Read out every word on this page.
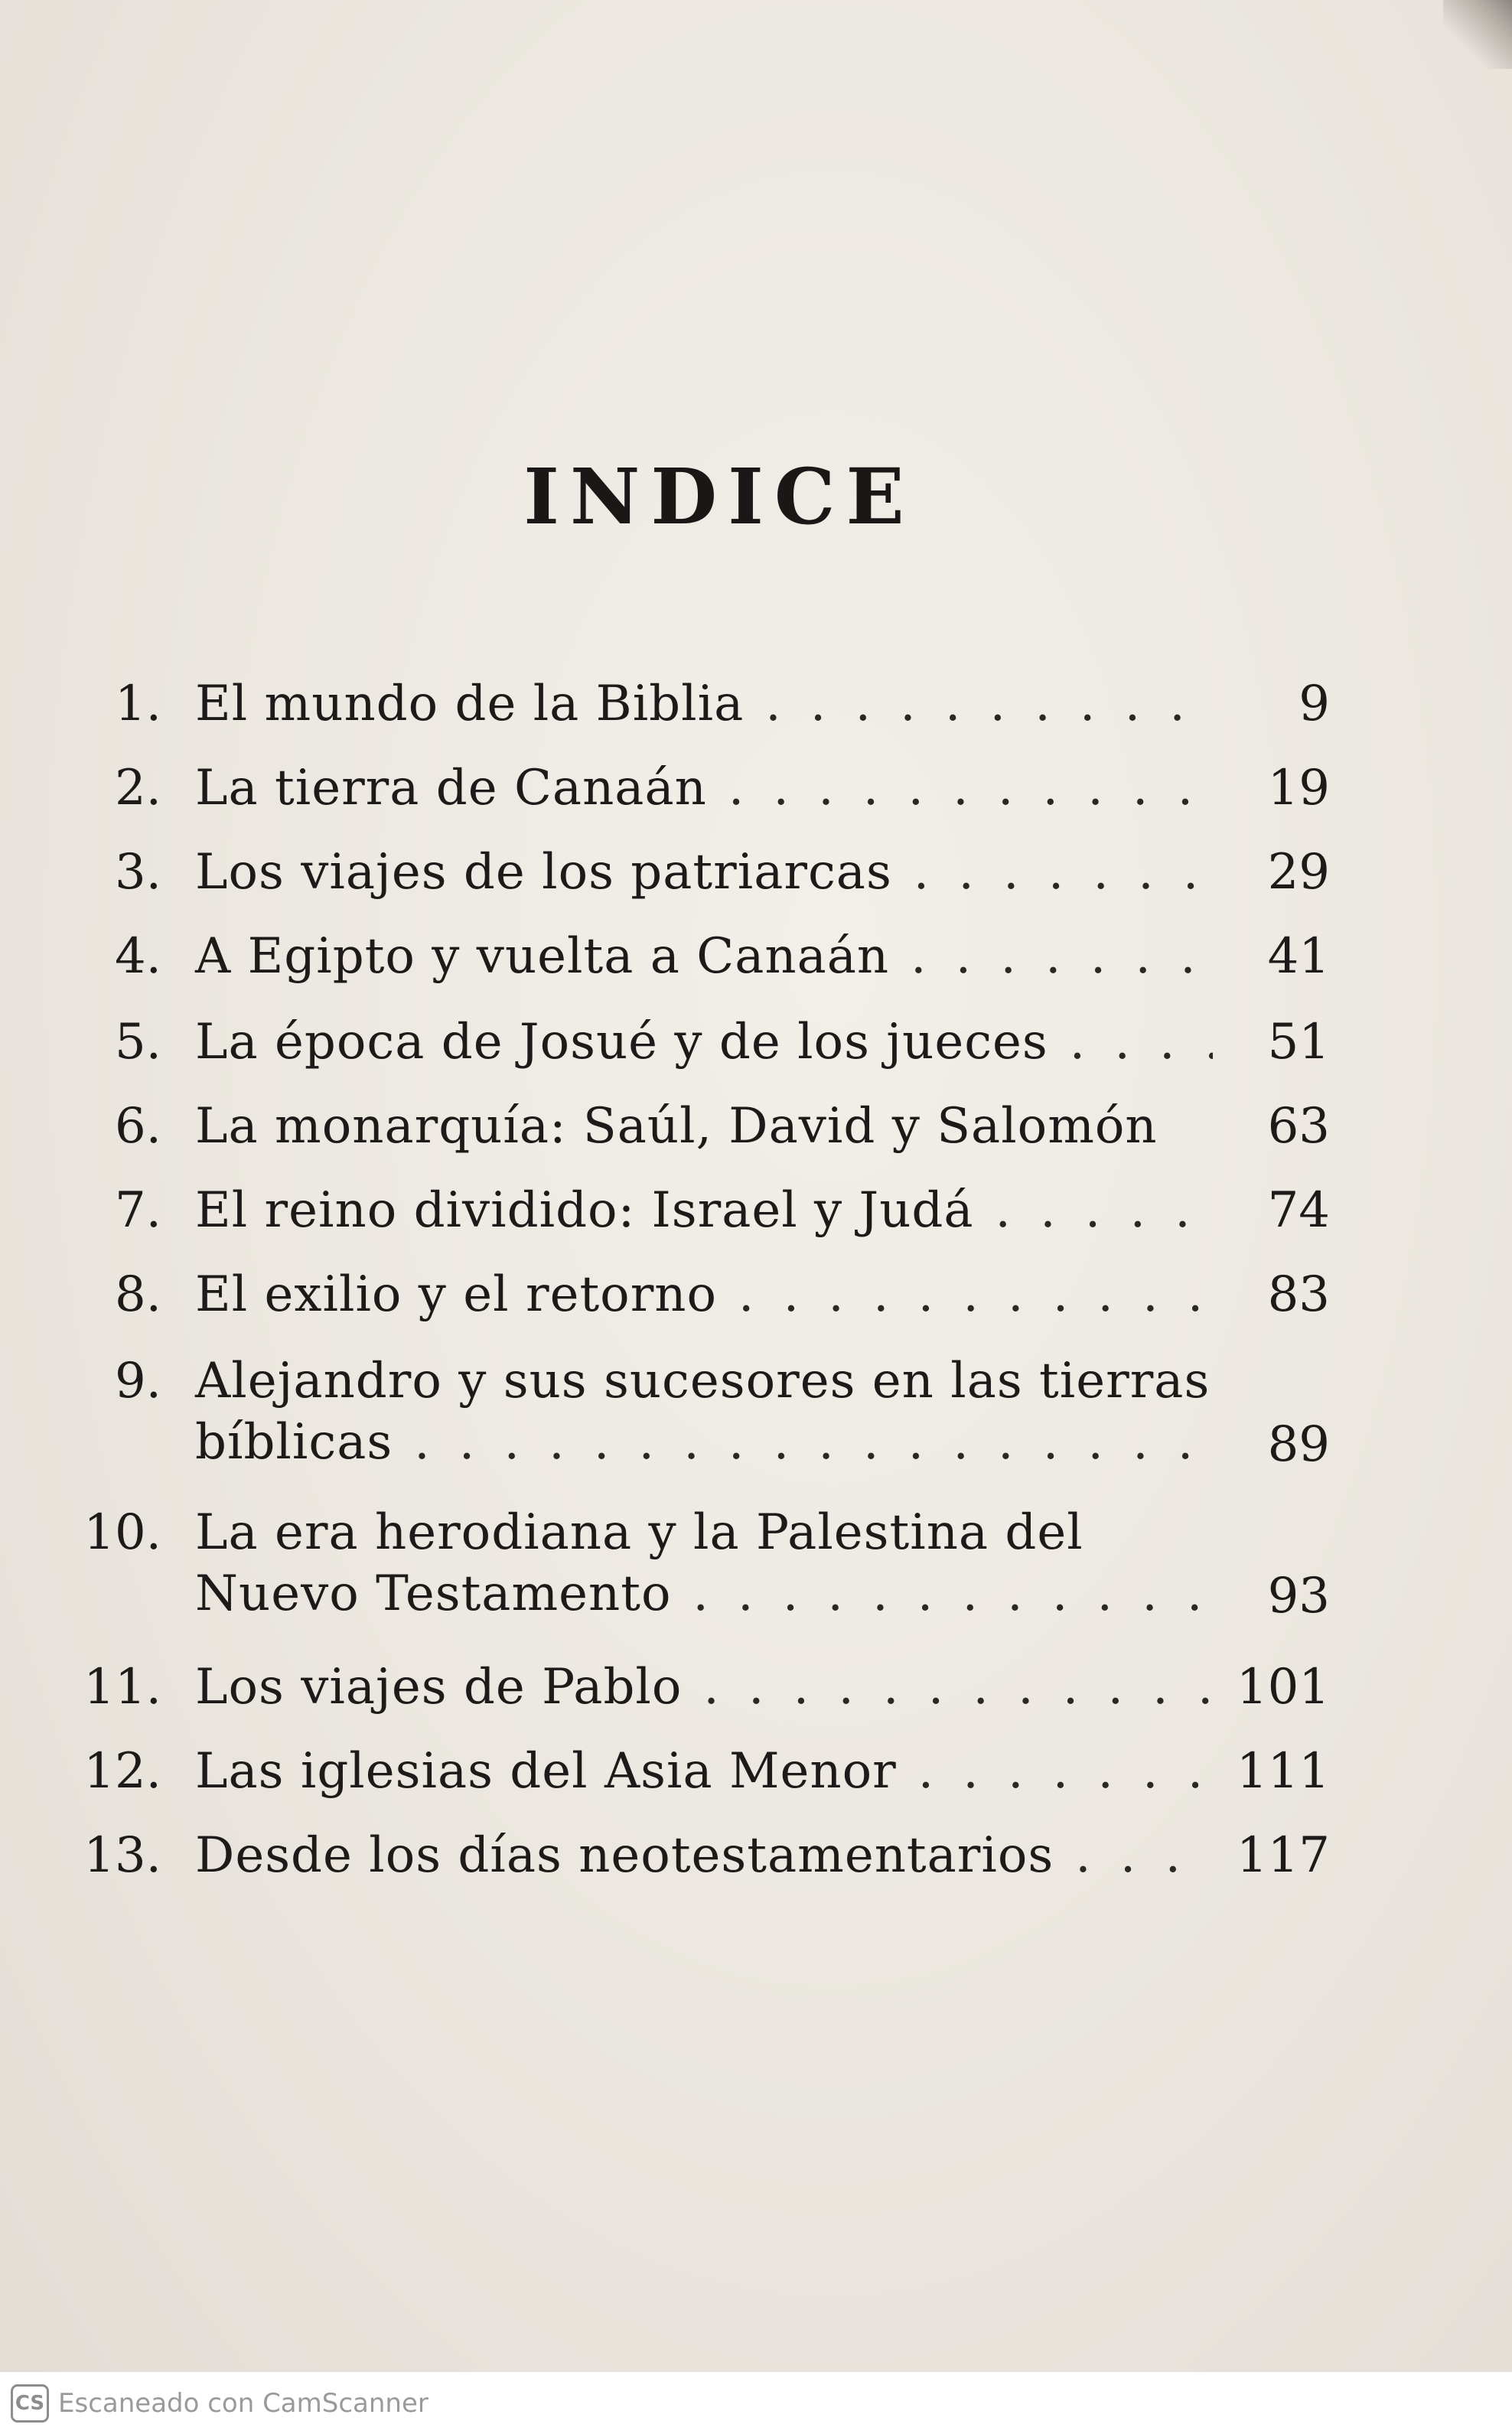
INDICE
1. El mundo de la Biblia . . .	9
2. La tierra de Canaán . . .	19
3. Los viajes de los patriarcas . . .	29
4. A Egipto y vuelta a Canaán . . .	41
5. La época de Josué y de los jueces . . .	51
6. La monarquía: Saúl, David y Salomón 63
7. El reino dividido: Israel y Judá . . .	74
8. El exilio y el retorno . . .	83
9. Alejandro y sus sucesores en las tierras
bíblicas . . .	89
10. La era herodiana y la Palestina del
Nuevo Testamento . . .	93
11. Los viajes de Pablo . . .	101
12. Las iglesias del Asia Menor . . .	111
13. Desde los días neotestamentarios . . .	117
CS Escaneado con CamScanner
